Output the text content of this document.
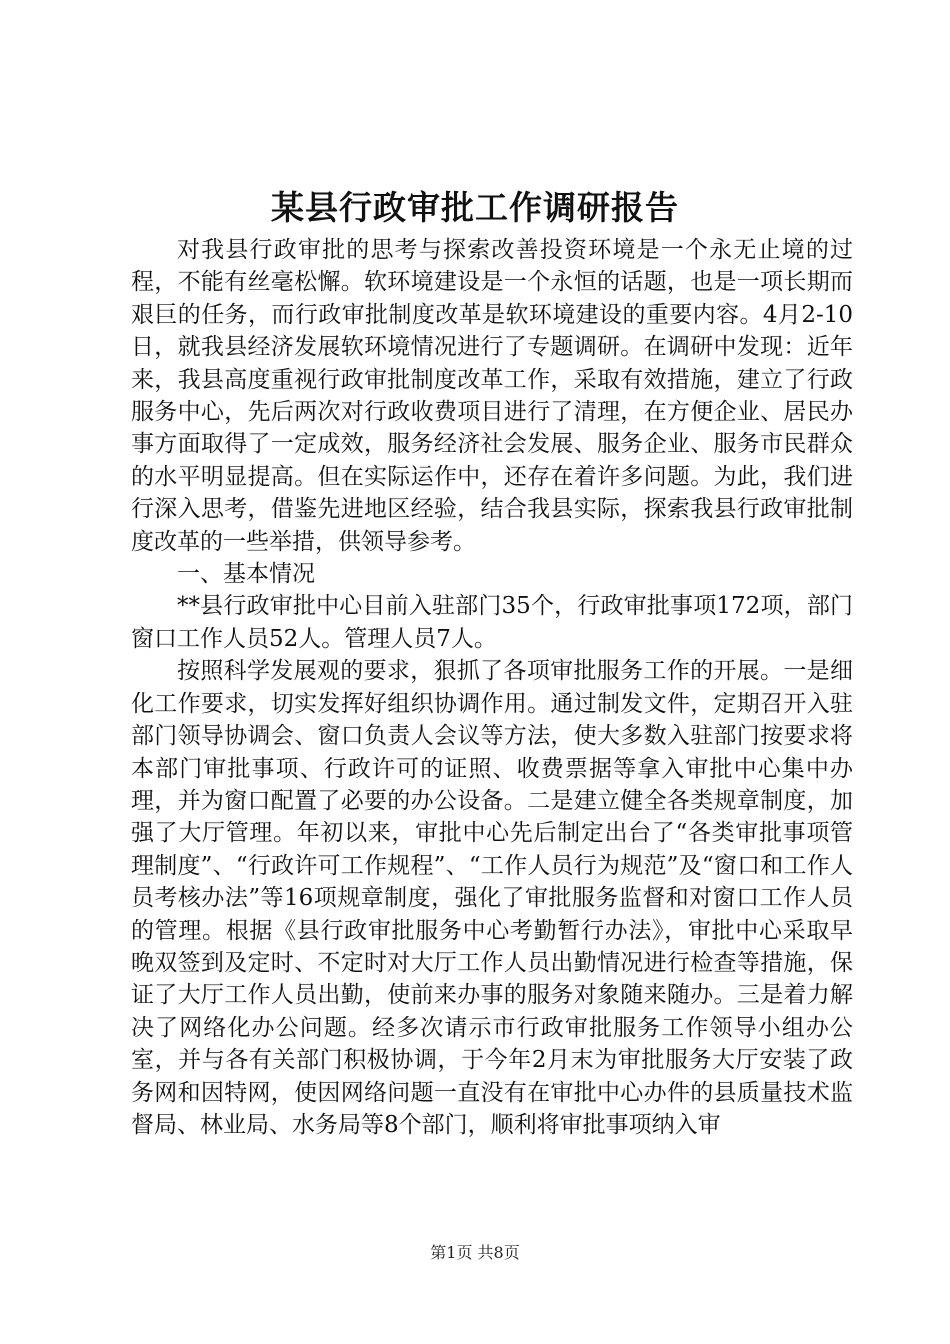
某县行政审批工作调研报告

对我县行政审批的思考与探索改善投资环境是一个永无止境的过程，不能有丝毫松懈。软环境建设是一个永恒的话题，也是一项长期而艰巨的任务，而行政审批制度改革是软环境建设的重要内容。4月2-10日，就我县经济发展软环境情况进行了专题调研。在调研中发现：近年来，我县高度重视行政审批制度改革工作，采取有效措施，建立了行政服务中心，先后两次对行政收费项目进行了清理，在方便企业、居民办事方面取得了一定成效，服务经济社会发展、服务企业、服务市民群众的水平明显提高。但在实际运作中，还存在着许多问题。为此，我们进行深入思考，借鉴先进地区经验，结合我县实际，探索我县行政审批制度改革的一些举措，供领导参考。

一、基本情况

**县行政审批中心目前入驻部门35个，行政审批事项172项，部门窗口工作人员52人。管理人员7人。

按照科学发展观的要求，狠抓了各项审批服务工作的开展。一是细化工作要求，切实发挥好组织协调作用。通过制发文件，定期召开入驻部门领导协调会、窗口负责人会议等方法，使大多数入驻部门按要求将本部门审批事项、行政许可的证照、收费票据等拿入审批中心集中办理，并为窗口配置了必要的办公设备。二是建立健全各类规章制度，加强了大厅管理。年初以来，审批中心先后制定出台了“各类审批事项管理制度”、“行政许可工作规程”、“工作人员行为规范”及“窗口和工作人员考核办法”等16项规章制度，强化了审批服务监督和对窗口工作人员的管理。根据《县行政审批服务中心考勤暂行办法》，审批中心采取早晚双签到及定时、不定时对大厅工作人员出勤情况进行检查等措施，保证了大厅工作人员出勤，使前来办事的服务对象随来随办。三是着力解决了网络化办公问题。经多次请示市行政审批服务工作领导小组办公室，并与各有关部门积极协调，于今年2月末为审批服务大厅安装了政务网和因特网，使因网络问题一直没有在审批中心办件的县质量技术监督局、林业局、水务局等8个部门，顺利将审批事项纳入审

第1页 共8页
